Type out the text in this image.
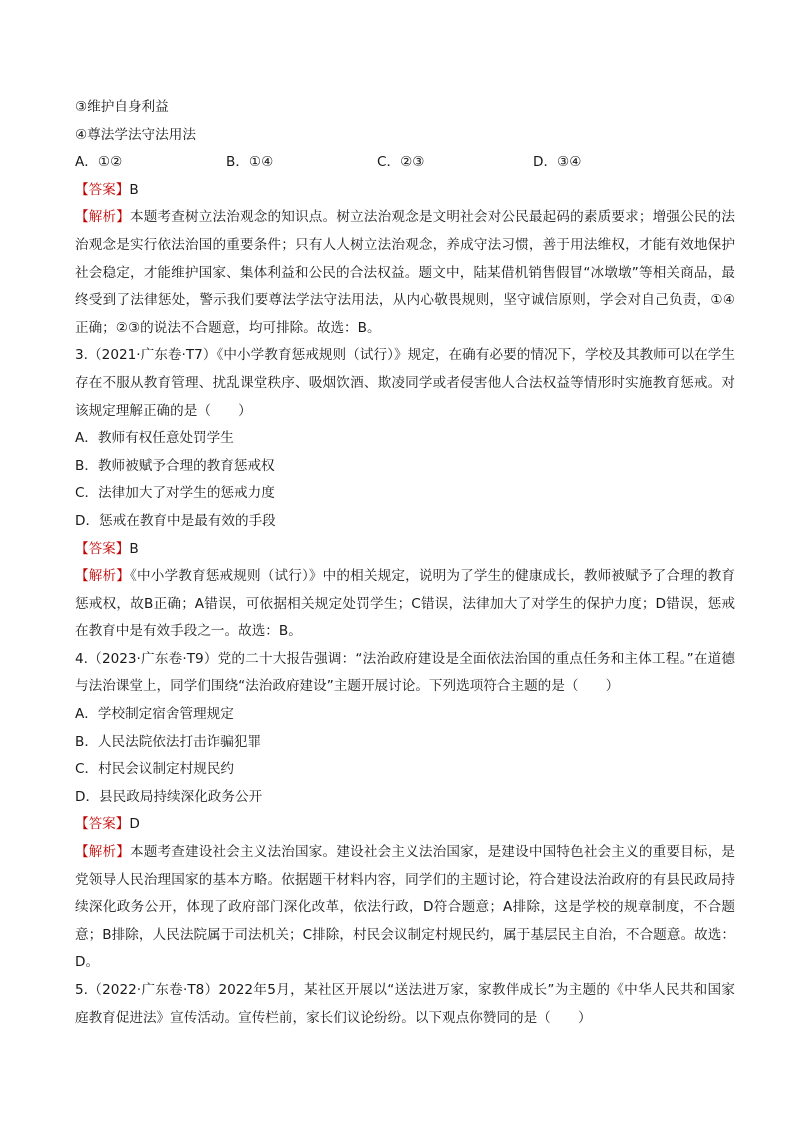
③维护自身利益
④尊法学法守法用法
A．①②	B．①④	C．②③	D．③④
【答案】B
【解析】本题考查树立法治观念的知识点。树立法治观念是文明社会对公民最起码的素质要求；增强公民的法治观念是实行依法治国的重要条件；只有人人树立法治观念，养成守法习惯，善于用法维权，才能有效地保护社会稳定，才能维护国家、集体利益和公民的合法权益。题文中，陆某借机销售假冒“冰墩墩”等相关商品，最终受到了法律惩处，警示我们要尊法学法守法用法，从内心敬畏规则，坚守诚信原则，学会对自己负责，①④正确；②③的说法不合题意，均可排除。故选：B。
3.（2021·广东卷·T7）《中小学教育惩戒规则（试行）》规定，在确有必要的情况下，学校及其教师可以在学生存在不服从教育管理、扰乱课堂秩序、吸烟饮酒、欺凌同学或者侵害他人合法权益等情形时实施教育惩戒。对该规定理解正确的是（　　）
A．教师有权任意处罚学生
B．教师被赋予合理的教育惩戒权
C．法律加大了对学生的惩戒力度
D．惩戒在教育中是最有效的手段
【答案】B
【解析】《中小学教育惩戒规则（试行）》中的相关规定，说明为了学生的健康成长，教师被赋予了合理的教育惩戒权，故B正确；A错误，可依据相关规定处罚学生；C错误，法律加大了对学生的保护力度；D错误，惩戒在教育中是有效手段之一。故选：B。
4.（2023·广东卷·T9）党的二十大报告强调：“法治政府建设是全面依法治国的重点任务和主体工程。”在道德与法治课堂上，同学们围绕“法治政府建设”主题开展讨论。下列选项符合主题的是（　　）
A．学校制定宿舍管理规定
B．人民法院依法打击诈骗犯罪
C．村民会议制定村规民约
D．县民政局持续深化政务公开
【答案】D
【解析】本题考查建设社会主义法治国家。建设社会主义法治国家，是建设中国特色社会主义的重要目标，是党领导人民治理国家的基本方略。依据题干材料内容，同学们的主题讨论，符合建设法治政府的有县民政局持续深化政务公开，体现了政府部门深化改革，依法行政，D符合题意；A排除，这是学校的规章制度，不合题意；B排除，人民法院属于司法机关；C排除，村民会议制定村规民约，属于基层民主自治，不合题意。故选：D。
5.（2022·广东卷·T8）2022年5月，某社区开展以“送法进万家，家教伴成长”为主题的《中华人民共和国家庭教育促进法》宣传活动。宣传栏前，家长们议论纷纷。以下观点你赞同的是（　　）
